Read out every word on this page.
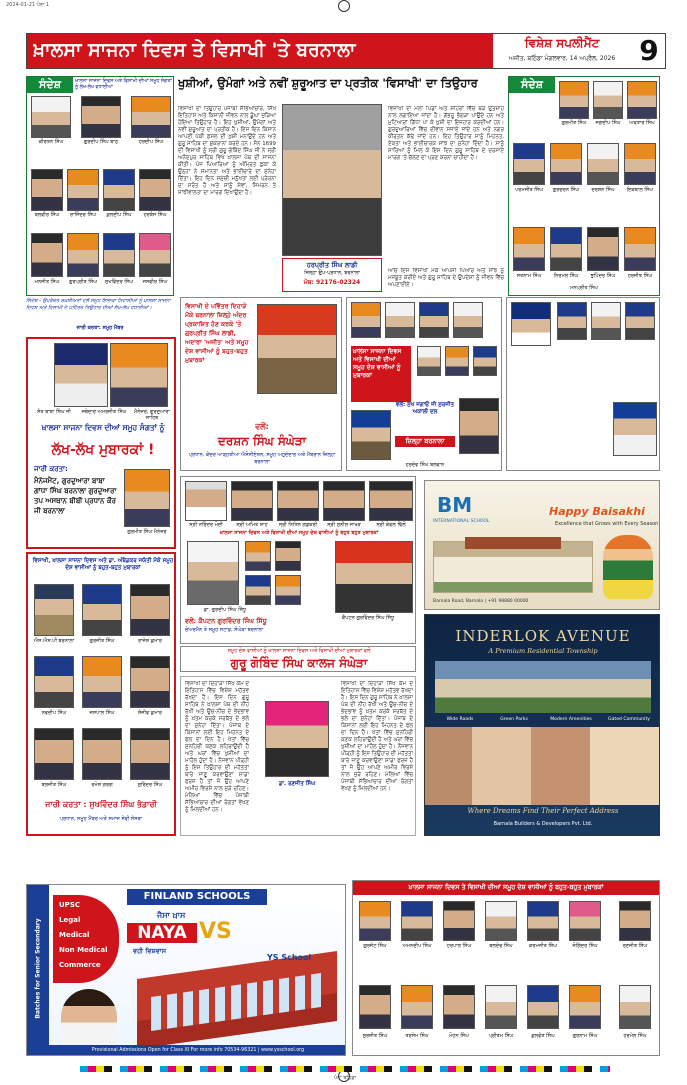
2024-01-21 ਪੰਨਾ 1
ਖ਼ਾਲਸਾ ਸਾਜਨਾ ਦਿਵਸ ਤੇ ਵਿਸਾਖੀ 'ਤੇ ਬਰਨਾਲਾ	ਵਿਸ਼ੇਸ਼ ਸਪਲੀਮੈਂਟ
ਅਜੀਤ, ਬਠਿੰਡਾ ਮੰਗਲਵਾਰ, 14 ਅਪ੍ਰੈਲ, 2026 9
ਸੰਦੇਸ਼	ਖ਼ਾਲਸਾ ਸਾਜਨਾ ਦਿਵਸ ਅਤੇ ਵਿਸਾਖੀ ਦੀਆਂ ਸਮੂਹ ਸੰਗਤਾਂ ਨੂੰ ਲੱਖ-ਲੱਖ ਵਧਾਈਆਂ
ਕੀਰਤਨ ਸਿੰਘ	ਗੁਰਦੀਪ ਸਿੰਘ ਬਾਠ	ਹਰਦੀਪ ਸਿੰਘ
ਬਲਵੀਰ ਸਿੰਘ	ਰਾਜਿੰਦਰ ਸਿੰਘ	ਕੁਲਦੀਪ ਸਿੰਘ	ਹਰਬੰਸ ਸਿੰਘ
ਮਨਜੀਤ ਸਿੰਘ	ਗੁਰਪ੍ਰੀਤ ਸਿੰਘ	ਸੁਖਵਿੰਦਰ ਸਿੰਘ	ਜਸਵੀਰ ਸਿੰਘ
ਖੁਸ਼ੀਆਂ, ਉਮੰਗਾਂ ਅਤੇ ਨਵੀਂ ਸ਼ੁਰੂਆਤ ਦਾ ਪ੍ਰਤੀਕ 'ਵਿਸਾਖੀ' ਦਾ ਤਿਉਹਾਰ
ਵਿਸਾਖੀ ਦਾ ਤਿਉਹਾਰ ਪੰਜਾਬੀ ਸੱਭਿਆਚਾਰ, ਸਿੱਖ ਇਤਿਹਾਸ ਅਤੇ ਕਿਸਾਨੀ ਜੀਵਨ ਨਾਲ ਡੂੰਘਾ ਜੁੜਿਆ ਹੋਇਆ ਤਿਉਹਾਰ ਹੈ। ਇਹ ਖੁਸ਼ੀਆਂ, ਉਮੰਗਾਂ ਅਤੇ ਨਵੀਂ ਸ਼ੁਰੂਆਤ ਦਾ ਪ੍ਰਤੀਕ ਹੈ। ਇਸ ਦਿਨ ਕਿਸਾਨ ਆਪਣੀ ਪੱਕੀ ਫ਼ਸਲ ਦੀ ਖੁਸ਼ੀ ਮਨਾਉਂਦੇ ਹਨ ਅਤੇ ਗੁਰੂ ਸਾਹਿਬ ਦਾ ਸ਼ੁਕਰਾਨਾ ਕਰਦੇ ਹਨ। ਸੰਨ 1699 ਦੀ ਵਿਸਾਖੀ ਨੂੰ ਸ੍ਰੀ ਗੁਰੂ ਗੋਬਿੰਦ ਸਿੰਘ ਜੀ ਨੇ ਸ੍ਰੀ ਅਨੰਦਪੁਰ ਸਾਹਿਬ ਵਿਖੇ ਖ਼ਾਲਸਾ ਪੰਥ ਦੀ ਸਾਜਨਾ ਕੀਤੀ। ਪੰਜ ਪਿਆਰਿਆਂ ਨੂੰ ਅੰਮ੍ਰਿਤ ਛਕਾ ਕੇ ਉਨ੍ਹਾਂ ਨੇ ਸਮਾਨਤਾ ਅਤੇ ਭਾਈਚਾਰੇ ਦਾ ਸੁਨੇਹਾ ਦਿੱਤਾ। ਇਹ ਦਿਨ ਸਮੁੱਚੀ ਮਨੁੱਖਤਾ ਲਈ ਪ੍ਰੇਰਨਾ ਦਾ ਸਰੋਤ ਹੈ ਅਤੇ ਸਾਨੂੰ ਸੇਵਾ, ਸਿਮਰਨ ਤੇ ਸਾਂਝੀਵਾਲਤਾ ਦਾ ਮਾਰਗ ਦਿਖਾਉਂਦਾ ਹੈ।
ਹਰਪ੍ਰੀਤ ਸਿੰਘ ਲਾਡੀ
ਜ਼ਿਲ੍ਹਾ ਉਪ-ਪ੍ਰਧਾਨ, ਬਰਨਾਲਾ
ਮੋਬ: 92176-02324
ਵਿਸਾਖੀ ਦਾ ਮੇਲਾ ਪਿੰਡਾਂ ਅਤੇ ਸ਼ਹਿਰਾਂ ਵਿੱਚ ਬੜੇ ਉਤਸ਼ਾਹ ਨਾਲ ਲਗਾਇਆ ਜਾਂਦਾ ਹੈ। ਗੱਭਰੂ ਭੰਗੜਾ ਪਾਉਂਦੇ ਹਨ ਅਤੇ ਮੁਟਿਆਰਾਂ ਗਿੱਧਾ ਪਾ ਕੇ ਖੁਸ਼ੀ ਦਾ ਇਜ਼ਹਾਰ ਕਰਦੀਆਂ ਹਨ। ਗੁਰਦੁਆਰਿਆਂ ਵਿੱਚ ਦੀਵਾਨ ਸਜਾਏ ਜਾਂਦੇ ਹਨ ਅਤੇ ਨਗਰ ਕੀਰਤਨ ਕੱਢੇ ਜਾਂਦੇ ਹਨ। ਇਹ ਤਿਉਹਾਰ ਸਾਨੂੰ ਮਿਹਨਤ, ਏਕਤਾ ਅਤੇ ਭਾਈਚਾਰਕ ਸਾਂਝ ਦਾ ਸੁਨੇਹਾ ਦਿੰਦਾ ਹੈ। ਸਾਨੂੰ ਸਾਰਿਆਂ ਨੂੰ ਮਿਲ ਕੇ ਇਸ ਦਿਨ ਗੁਰੂ ਸਾਹਿਬ ਦੇ ਦਰਸਾਏ ਮਾਰਗ 'ਤੇ ਚੱਲਣ ਦਾ ਪ੍ਰਣ ਕਰਨਾ ਚਾਹੀਦਾ ਹੈ।
ਆਓ ਇਸ ਵਿਸਾਖੀ ਮੌਕੇ ਆਪਸੀ ਪਿਆਰ ਅਤੇ ਸਾਂਝ ਨੂੰ ਮਜ਼ਬੂਤ ਕਰੀਏ ਅਤੇ ਗੁਰੂ ਸਾਹਿਬ ਦੇ ਉਪਦੇਸ਼ਾਂ ਨੂੰ ਜੀਵਨ ਵਿੱਚ ਅਪਣਾਈਏ।
ਸੰਦੇਸ਼
ਗੁਰਮੀਤ ਸਿੰਘ	ਜਗਦੀਪ ਸਿੰਘ	ਅਵਤਾਰ ਸਿੰਘ
ਪਰਮਜੀਤ ਸਿੰਘ	ਗੁਰਚਰਨ ਸਿੰਘ	ਦਰਸ਼ਨ ਸਿੰਘ	ਇਕਬਾਲ ਸਿੰਘ
ਸਤਨਾਮ ਸਿੰਘ	ਨਿਰਮਲ ਸਿੰਘ	ਭੁਪਿੰਦਰ ਸਿੰਘ	ਹਰਜੀਤ ਸਿੰਘ
ਮਨਪ੍ਰੀਤ ਸਿੰਘ
ਸਿੰਦੇਸ਼ - ਉਪਰੋਕਤ ਸ਼ਖ਼ਸੀਅਤਾਂ ਵਲੋਂ ਸਮੂਹ ਇਲਾਕਾ ਨਿਵਾਸੀਆਂ ਨੂੰ ਖ਼ਾਲਸਾ ਸਾਜਨਾ ਦਿਵਸ ਅਤੇ ਵਿਸਾਖੀ ਦੇ ਪਵਿੱਤਰ ਤਿਉਹਾਰ ਦੀਆਂ ਲੱਖ-ਲੱਖ ਵਧਾਈਆਂ।
ਜਾਰੀ ਕਰਤਾ: ਸਮੂਹ ਮੈਂਬਰ
ਸੰਤ ਬਾਬਾ ਸਿੰਘ ਜੀ	ਜਥੇਦਾਰ ਅਮਰਜੀਤ ਸਿੰਘ	ਮੈਨੇਜਰ, ਗੁਰਦੁਆਰਾ ਸਾਹਿਬ
ਖ਼ਾਲਸਾ ਸਾਜਨਾ ਦਿਵਸ ਦੀਆਂ ਸਮੂਹ ਸੰਗਤਾਂ ਨੂੰ
ਲੱਖ-ਲੱਖ ਮੁਬਾਰਕਾਂ !
ਜਾਰੀ ਕਰਤਾ:
ਮੈਨੇਜਮੈਂਟ, ਗੁਰਦੁਆਰਾ ਬਾਬਾ ਗਾਂਧਾ ਸਿੰਘ ਬਰਨਾਲਾ ਗੁਰਦੁਆਰਾ ਤਪ ਅਸਥਾਨ ਬੀਬੀ ਪ੍ਰਧਾਨ ਕੌਰ ਜੀ ਬਰਨਾਲਾ
ਗੁਰਮੀਤ ਸਿੰਘ ਮੈਨੇਜਰ
ਵਿਸਾਖੀ ਦੇ ਪਵਿੱਤਰ ਦਿਹਾੜੇ ਮੌਕੇ ਬਰਨਾਲਾ ਜ਼ਿਲ੍ਹੇ ਅੰਦਰ ਪ੍ਰਕਾਸ਼ਿਤ ਹੋਣ ਕਰਕੇ 'ਤੇ ਗੁਰਪ੍ਰੀਤ ਸਿੰਘ ਲਾਡੀ, ਅਦਾਰਾ 'ਅਜੀਤ' ਅਤੇ ਸਮੂਹ ਦੇਸ਼ ਵਾਸੀਆਂ ਨੂੰ ਬਹੁਤ-ਬਹੁਤ ਮੁਬਾਰਕਾਂ
ਵਲੋਂ:
ਦਰਸ਼ਨ ਸਿੰਘ ਸੰਘੇੜਾ
ਪ੍ਰਧਾਨ, ਕੇਂਦਰ ਆੜ੍ਹਤੀਆ ਐਸੋਸੀਏਸ਼ਨ, ਸਮੂਹ ਅਹੁਦੇਦਾਰ ਅਤੇ ਮੈਂਬਰਾਨ ਜ਼ਿਲ੍ਹਾ ਬਰਨਾਲਾ
ਖ਼ਾਲਸਾ ਸਾਜਨਾ ਦਿਵਸ ਅਤੇ ਵਿਸਾਖੀ ਦੀਆਂ ਸਮੂਹ ਦੇਸ਼ ਵਾਸੀਆਂ ਨੂੰ ਮੁਬਾਰਕਾਂ
ਵਲੋਂ: ਸੁਖ ਜਗਾਓ ਜੀ ਸੁਰਜੀਤ ਅਕਾਲੀ ਦਲ
ਜ਼ਿਲ੍ਹਾ ਬਰਨਾਲਾ
ਹਰਦੇਵ ਸਿੰਘ ਬਲਵਾਨ
ਸ੍ਰੀ ਨਰਿੰਦਰ ਮੋਦੀ	ਸ੍ਰੀ ਅਮਿਤ ਸ਼ਾਹ	ਸ੍ਰੀ ਨਿਤਿਨ ਗਡਕਰੀ	ਸ੍ਰੀ ਸੁਨੀਲ ਜਾਖੜ	ਸ੍ਰੀ ਕੇਵਲ ਢਿੱਲੋਂ
ਖ਼ਾਲਸਾ ਸਾਜਨਾ ਦਿਵਸ ਅਤੇ ਵਿਸਾਖੀ ਦੀਆਂ ਸਮੂਹ ਦੇਸ਼ ਵਾਸੀਆਂ ਨੂੰ ਬਹੁਤ ਬਹੁਤ ਮੁਬਾਰਕਾਂ
ਡਾ. ਗੁਰਦੀਪ ਸਿੰਘ ਸਿੱਧੂ
ਕੈਪਟਨ ਗੁਰਵਿੰਦਰ ਸਿੰਘ ਸਿੱਧੂ
ਵਲੋਂ: ਕੈਪਟਨ ਗੁਰਵਿੰਦਰ ਸਿੰਘ ਸਿੱਧੂ
ਚੇਅਰਮੈਨ ਤੇ ਸਮੂਹ ਸਟਾਫ਼, ਸੰਘੇੜਾ ਬਰਨਾਲਾ
ਸਮੂਹ ਦੇਸ਼ ਵਾਸੀਆਂ ਨੂੰ ਖ਼ਾਲਸਾ ਸਾਜਨਾ ਦਿਵਸ ਅਤੇ ਵਿਸਾਖੀ ਦੀਆਂ ਮੁਬਾਰਕਾਂ ਵਲੋਂ
ਗੁਰੂ ਗੋਬਿੰਦ ਸਿੰਘ ਕਾਲਜ ਸੰਘੇੜਾ
ਵਿਸਾਖੀ, ਖ਼ਾਲਸਾ ਸਾਜਨਾ ਦਿਵਸ ਅਤੇ ਡਾ. ਅੰਬੇਡਕਰ ਜਯੰਤੀ ਮੌਕੇ ਸਮੂਹ ਦੇਸ਼ ਵਾਸੀਆਂ ਨੂੰ ਬਹੁਤ-ਬਹੁਤ ਮੁਬਾਰਕਾਂ
ਐਸ.ਐਸ.ਪੀ ਬਰਨਾਲਾ	ਗੁਰਜੀਤ ਸਿੰਘ	ਰਾਜੇਸ਼ ਕੁਮਾਰ
ਨਵਦੀਪ ਸਿੰਘ	ਜਸਪਾਲ ਸਿੰਘ	ਸੰਜੀਵ ਕੁਮਾਰ
ਬਲਜੀਤ ਸਿੰਘ	ਰਮੇਸ਼ ਗਰਗ	ਸੁਰਿੰਦਰ ਸਿੰਘ
ਜਾਰੀ ਕਰਤਾ : ਸੁਖਵਿੰਦਰ ਸਿੰਘ ਭੰਡਾਰੀ
ਪ੍ਰਧਾਨ, ਸਮੂਹ ਮੈਂਬਰ ਅਤੇ ਸਮਾਜ ਸੇਵੀ ਸੰਸਥਾ
ਵਿਸਾਖੀ ਦਾ ਦਿਹਾੜਾ ਸਿੱਖ ਕੌਮ ਦੇ ਇਤਿਹਾਸ ਵਿੱਚ ਵਿਸ਼ੇਸ਼ ਮਹੱਤਵ ਰੱਖਦਾ ਹੈ। ਇਸ ਦਿਨ ਗੁਰੂ ਸਾਹਿਬ ਨੇ ਖ਼ਾਲਸਾ ਪੰਥ ਦੀ ਨੀਂਹ ਰੱਖੀ ਅਤੇ ਊਚ-ਨੀਚ ਦੇ ਭੇਦਭਾਵ ਨੂੰ ਖ਼ਤਮ ਕਰਕੇ ਸਰਬੱਤ ਦੇ ਭਲੇ ਦਾ ਸੁਨੇਹਾ ਦਿੱਤਾ। ਪੰਜਾਬ ਦੇ ਕਿਸਾਨਾਂ ਲਈ ਇਹ ਮਿਹਨਤ ਦੇ ਫਲ ਦਾ ਦਿਨ ਹੈ। ਖੇਤਾਂ ਵਿੱਚ ਸੁਨਹਿਰੀ ਕਣਕ ਲਹਿਰਾਉਂਦੀ ਹੈ ਅਤੇ ਘਰਾਂ ਵਿੱਚ ਖੁਸ਼ੀਆਂ ਦਾ ਮਾਹੌਲ ਹੁੰਦਾ ਹੈ। ਨੌਜਵਾਨ ਪੀੜ੍ਹੀ ਨੂੰ ਇਸ ਤਿਉਹਾਰ ਦੀ ਮਹੱਤਤਾ ਬਾਰੇ ਜਾਣੂ ਕਰਵਾਉਣਾ ਸਾਡਾ ਫਰਜ਼ ਹੈ ਤਾਂ ਜੋ ਉਹ ਆਪਣੇ ਅਮੀਰ ਵਿਰਸੇ ਨਾਲ ਜੁੜੇ ਰਹਿਣ। ਮੇਲਿਆਂ ਵਿੱਚ ਪੰਜਾਬੀ ਸੱਭਿਆਚਾਰ ਦੀਆਂ ਰੰਗਤਾਂ ਵੇਖਣ ਨੂੰ ਮਿਲਦੀਆਂ ਹਨ।
ਡਾ. ਰਣਜੀਤ ਸਿੰਘ
ਵਿਸਾਖੀ ਦਾ ਦਿਹਾੜਾ ਸਿੱਖ ਕੌਮ ਦੇ ਇਤਿਹਾਸ ਵਿੱਚ ਵਿਸ਼ੇਸ਼ ਮਹੱਤਵ ਰੱਖਦਾ ਹੈ। ਇਸ ਦਿਨ ਗੁਰੂ ਸਾਹਿਬ ਨੇ ਖ਼ਾਲਸਾ ਪੰਥ ਦੀ ਨੀਂਹ ਰੱਖੀ ਅਤੇ ਊਚ-ਨੀਚ ਦੇ ਭੇਦਭਾਵ ਨੂੰ ਖ਼ਤਮ ਕਰਕੇ ਸਰਬੱਤ ਦੇ ਭਲੇ ਦਾ ਸੁਨੇਹਾ ਦਿੱਤਾ। ਪੰਜਾਬ ਦੇ ਕਿਸਾਨਾਂ ਲਈ ਇਹ ਮਿਹਨਤ ਦੇ ਫਲ ਦਾ ਦਿਨ ਹੈ। ਖੇਤਾਂ ਵਿੱਚ ਸੁਨਹਿਰੀ ਕਣਕ ਲਹਿਰਾਉਂਦੀ ਹੈ ਅਤੇ ਘਰਾਂ ਵਿੱਚ ਖੁਸ਼ੀਆਂ ਦਾ ਮਾਹੌਲ ਹੁੰਦਾ ਹੈ। ਨੌਜਵਾਨ ਪੀੜ੍ਹੀ ਨੂੰ ਇਸ ਤਿਉਹਾਰ ਦੀ ਮਹੱਤਤਾ ਬਾਰੇ ਜਾਣੂ ਕਰਵਾਉਣਾ ਸਾਡਾ ਫਰਜ਼ ਹੈ ਤਾਂ ਜੋ ਉਹ ਆਪਣੇ ਅਮੀਰ ਵਿਰਸੇ ਨਾਲ ਜੁੜੇ ਰਹਿਣ। ਮੇਲਿਆਂ ਵਿੱਚ ਪੰਜਾਬੀ ਸੱਭਿਆਚਾਰ ਦੀਆਂ ਰੰਗਤਾਂ ਵੇਖਣ ਨੂੰ ਮਿਲਦੀਆਂ ਹਨ।
BM
INTERNATIONAL SCHOOL
Happy Baisakhi
Excellence that Grows with Every Season
Barnala Road, Barnala | +91 98880 00000
INDERLOK AVENUE
A Premium Residential Township
Wide Roads	Green Parks	Modern Amenities	Gated Community
Where Dreams Find Their Perfect Address
Barnala Builders & Developers Pvt. Ltd.
Batches for Senior Secondary
UPSC
Legal
Medical
Non Medical
Commerce
FINLAND SCHOOLS
ਜੈਸਾ ਖ਼ਾਸ
NAYA VS
ਵਹੀ ਵਿਸ਼ਵਾਸ
YS School
Provisional Admissions Open for Class XI For more info 70534-96321 | www.ysschool.org
ਖ਼ਾਲਸਾ ਸਾਜਨਾ ਦਿਵਸ ਤੇ ਵਿਸਾਖੀ ਦੀਆਂ ਸਮੂਹ ਦੇਸ਼ ਵਾਸੀਆਂ ਨੂੰ ਬਹੁਤ-ਬਹੁਤ ਮੁਬਾਰਕਾਂ
ਗੁਰਜੰਟ ਸਿੰਘ	ਅਮਨਦੀਪ ਸਿੰਘ	ਹਰਪਾਲ ਸਿੰਘ	ਬਲਦੇਵ ਸਿੰਘ	ਕਰਮਜੀਤ ਸਿੰਘ	ਜੋਗਿੰਦਰ ਸਿੰਘ	ਰਣਜੀਤ ਸਿੰਘ
ਸੁਰਜੀਤ ਸਿੰਘ	ਤਰਸੇਮ ਸਿੰਘ	ਮੋਹਨ ਸਿੰਘ	ਪ੍ਰੀਤਮ ਸਿੰਘ	ਕੁਲਵੰਤ ਸਿੰਘ	ਗੁਰਨਾਮ ਸਿੰਘ	ਹਰਮੇਲ ਸਿੰਘ
ਪੰਨਾ ਬਠਿੰਡਾ
